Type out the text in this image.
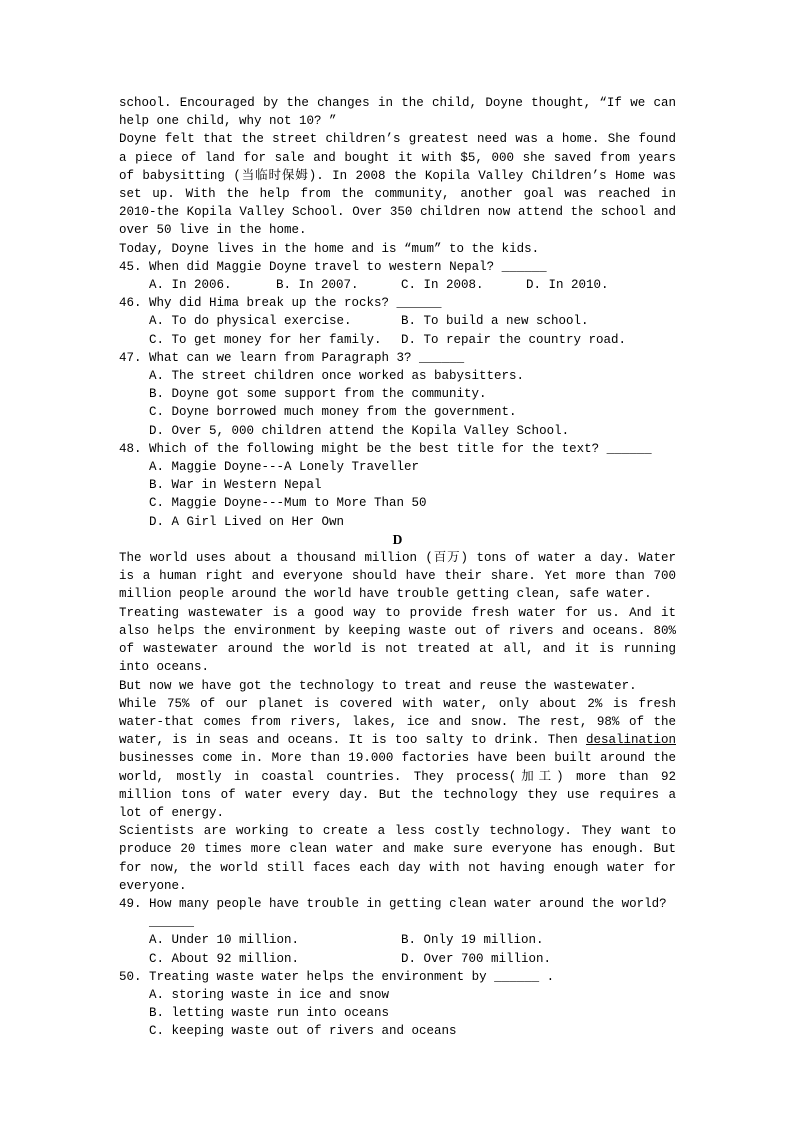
school. Encouraged by the changes in the child, Doyne thought, “If we can help one child, why not 10? ”
Doyne felt that the street children’s greatest need was a home. She found a piece of land for sale and bought it with $5, 000 she saved from years of babysitting (当临时保姆). In 2008 the Kopila Valley Children’s Home was set up. With the help from the community, another goal was reached in 2010-the Kopila Valley School. Over 350 children now attend the school and over 50 live in the home.
Today, Doyne lives in the home and is “mum” to the kids.
45. When did Maggie Doyne travel to western Nepal? ______
A. In 2006.	B. In 2007.	C. In 2008.	D. In 2010.
46. Why did Hima break up the rocks? ______
A. To do physical exercise.	B. To build a new school.
C. To get money for her family.	D. To repair the country road.
47. What can we learn from Paragraph 3? ______
A. The street children once worked as babysitters.
B. Doyne got some support from the community.
C. Doyne borrowed much money from the government.
D. Over 5, 000 children attend the Kopila Valley School.
48. Which of the following might be the best title for the text? ______
A. Maggie Doyne---A Lonely Traveller
B. War in Western Nepal
C. Maggie Doyne---Mum to More Than 50
D. A Girl Lived on Her Own
D
The world uses about a thousand million (百万) tons of water a day. Water is a human right and everyone should have their share. Yet more than 700 million people around the world have trouble getting clean, safe water.
Treating wastewater is a good way to provide fresh water for us. And it also helps the environment by keeping waste out of rivers and oceans. 80% of wastewater around the world is not treated at all, and it is running into oceans.
But now we have got the technology to treat and reuse the wastewater.
While 75% of our planet is covered with water, only about 2% is fresh water-that comes from rivers, lakes, ice and snow. The rest, 98% of the water, is in seas and oceans. It is too salty to drink. Then desalination businesses come in. More than 19.000 factories have been built around the world, mostly in coastal countries. They process(加工) more than 92 million tons of water every day. But the technology they use requires a lot of energy.
Scientists are working to create a less costly technology. They want to produce 20 times more clean water and make sure everyone has enough. But for now, the world still faces each day with not having enough water for everyone.
49. How many people have trouble in getting clean water around the world?
______
A. Under 10 million.	B. Only 19 million.
C. About 92 million.	D. Over 700 million.
50. Treating waste water helps the environment by ______ .
A. storing waste in ice and snow
B. letting waste run into oceans
C. keeping waste out of rivers and oceans
